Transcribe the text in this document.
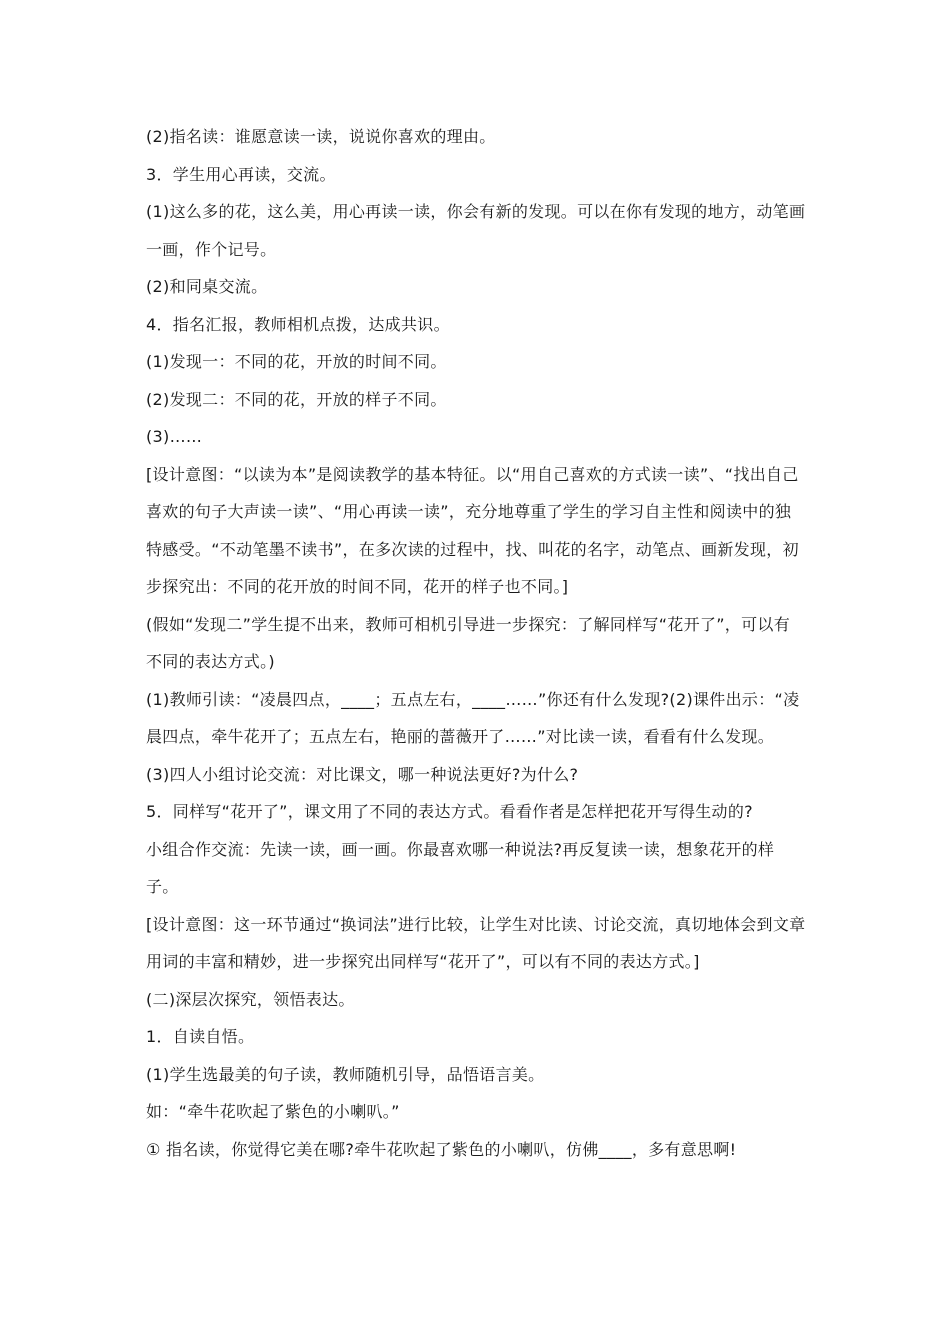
(2)指名读：谁愿意读一读，说说你喜欢的理由。

3．学生用心再读，交流。

(1)这么多的花，这么美，用心再读一读，你会有新的发现。可以在你有发现的地方，动笔画一画，作个记号。

(2)和同桌交流。

4．指名汇报，教师相机点拨，达成共识。

(1)发现一：不同的花，开放的时间不同。

(2)发现二：不同的花，开放的样子不同。

(3)……

[设计意图：“以读为本”是阅读教学的基本特征。以“用自己喜欢的方式读一读”、“找出自己喜欢的句子大声读一读”、“用心再读一读”，充分地尊重了学生的学习自主性和阅读中的独特感受。“不动笔墨不读书”，在多次读的过程中，找、叫花的名字，动笔点、画新发现，初步探究出：不同的花开放的时间不同，花开的样子也不同。]

(假如“发现二”学生提不出来，教师可相机引导进一步探究：了解同样写“花开了”，可以有不同的表达方式。)

(1)教师引读：“凌晨四点，____；五点左右，____……”你还有什么发现?(2)课件出示：“凌晨四点，牵牛花开了；五点左右，艳丽的蔷薇开了……”对比读一读，看看有什么发现。

(3)四人小组讨论交流：对比课文，哪一种说法更好?为什么?

5．同样写“花开了”，课文用了不同的表达方式。看看作者是怎样把花开写得生动的?

小组合作交流：先读一读，画一画。你最喜欢哪一种说法?再反复读一读，想象花开的样子。

[设计意图：这一环节通过“换词法”进行比较，让学生对比读、讨论交流，真切地体会到文章用词的丰富和精妙，进一步探究出同样写“花开了”，可以有不同的表达方式。]

(二)深层次探究，领悟表达。

1．自读自悟。

(1)学生选最美的句子读，教师随机引导，品悟语言美。

如：“牵牛花吹起了紫色的小喇叭。”

① 指名读，你觉得它美在哪?牵牛花吹起了紫色的小喇叭，仿佛____，多有意思啊!
